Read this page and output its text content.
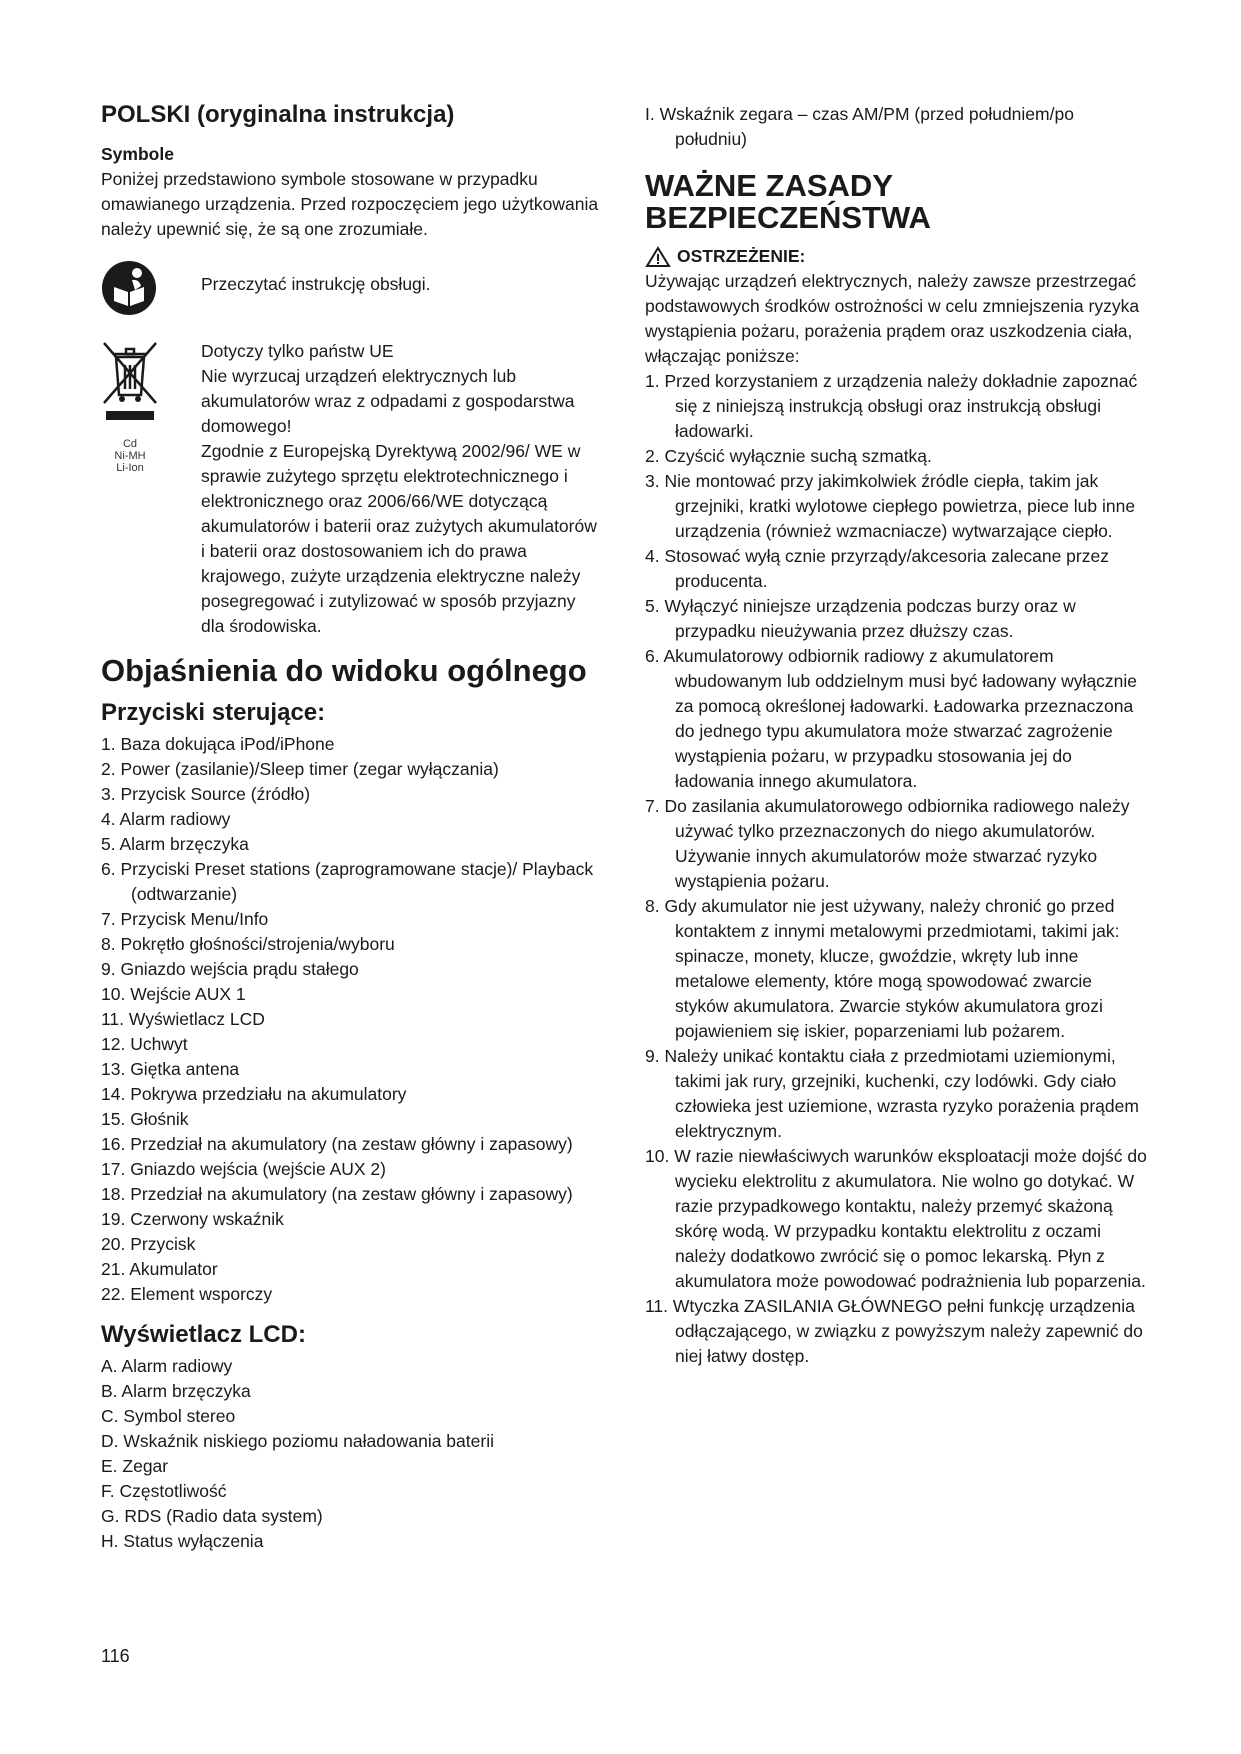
POLSKI (oryginalna instrukcja)
Symbole

Poniżej przedstawiono symbole stosowane w przypadku omawianego urządzenia. Przed rozpoczęciem jego użytkowania należy upewnić się, że są one zrozumiałe.

Przeczytać instrukcję obsługi.

Cd
Ni-MH
Li-Ion

Dotyczy tylko państw UE

Nie wyrzucaj urządzeń elektrycznych lub akumulatorów wraz z odpadami z gospodarstwa domowego!

Zgodnie z Europejską Dyrektywą 2002/96/ WE w sprawie zużytego sprzętu elektrotechnicznego i elektronicznego oraz 2006/66/WE dotyczącą akumulatorów i baterii oraz zużytych akumulatorów i baterii oraz dostosowaniem ich do prawa krajowego, zużyte urządzenia elektryczne należy posegregować i zutylizować w sposób przyjazny dla środowiska.

Objaśnienia do widoku ogólnego
Przyciski sterujące:
1. Baza dokująca iPod/iPhone
2. Power (zasilanie)/Sleep timer (zegar wyłączania)
3. Przycisk Source (źródło)
4. Alarm radiowy
5. Alarm brzęczyka
6. Przyciski Preset stations (zaprogramowane stacje)/ Playback (odtwarzanie)
7. Przycisk Menu/Info
8. Pokrętło głośności/strojenia/wyboru
9. Gniazdo wejścia prądu stałego
10. Wejście AUX 1
11. Wyświetlacz LCD
12. Uchwyt
13. Giętka antena
14. Pokrywa przedziału na akumulatory
15. Głośnik
16. Przedział na akumulatory (na zestaw główny i zapasowy)
17. Gniazdo wejścia (wejście AUX 2)
18. Przedział na akumulatory (na zestaw główny i zapasowy)
19. Czerwony wskaźnik
20. Przycisk
21. Akumulator
22. Element wsporczy
Wyświetlacz LCD:
A. Alarm radiowy
B. Alarm brzęczyka
C. Symbol stereo
D. Wskaźnik niskiego poziomu naładowania baterii
E. Zegar
F. Częstotliwość
G. RDS (Radio data system)
H. Status wyłączenia
116
I. Wskaźnik zegara – czas AM/PM (przed południem/po południu)
WAŻNE ZASADY
BEZPIECZEŃSTWA
OSTRZEŻENIE:

Używając urządzeń elektrycznych, należy zawsze przestrzegać podstawowych środków ostrożności w celu zmniejszenia ryzyka wystąpienia pożaru, porażenia prądem oraz uszkodzenia ciała, włączając poniższe:

1. Przed korzystaniem z urządzenia należy dokładnie zapoznać się z niniejszą instrukcją obsługi oraz instrukcją obsługi ładowarki.
2. Czyścić wyłącznie suchą szmatką.
3. Nie montować przy jakimkolwiek źródle ciepła, takim jak grzejniki, kratki wylotowe ciepłego powietrza, piece lub inne urządzenia (również wzmacniacze) wytwarzające ciepło.
4. Stosować wyłą cznie przyrządy/akcesoria zalecane przez producenta.
5. Wyłączyć niniejsze urządzenia podczas burzy oraz w przypadku nieużywania przez dłuższy czas.
6. Akumulatorowy odbiornik radiowy z akumulatorem wbudowanym lub oddzielnym musi być ładowany wyłącznie za pomocą określonej ładowarki. Ładowarka przeznaczona do jednego typu akumulatora może stwarzać zagrożenie wystąpienia pożaru, w przypadku stosowania jej do ładowania innego akumulatora.
7. Do zasilania akumulatorowego odbiornika radiowego należy używać tylko przeznaczonych do niego akumulatorów. Używanie innych akumulatorów może stwarzać ryzyko wystąpienia pożaru.
8. Gdy akumulator nie jest używany, należy chronić go przed kontaktem z innymi metalowymi przedmiotami, takimi jak: spinacze, monety, klucze, gwoździe, wkręty lub inne metalowe elementy, które mogą spowodować zwarcie styków akumulatora. Zwarcie styków akumulatora grozi pojawieniem się iskier, poparzeniami lub pożarem.
9. Należy unikać kontaktu ciała z przedmiotami uziemionymi, takimi jak rury, grzejniki, kuchenki, czy lodówki. Gdy ciało człowieka jest uziemione, wzrasta ryzyko porażenia prądem elektrycznym.
10. W razie niewłaściwych warunków eksploatacji może dojść do wycieku elektrolitu z akumulatora. Nie wolno go dotykać. W razie przypadkowego kontaktu, należy przemyć skażoną skórę wodą. W przypadku kontaktu elektrolitu z oczami należy dodatkowo zwrócić się o pomoc lekarską. Płyn z akumulatora może powodować podrażnienia lub poparzenia.
11. Wtyczka ZASILANIA GŁÓWNEGO pełni funkcję urządzenia odłączającego, w związku z powyższym należy zapewnić do niej łatwy dostęp.
